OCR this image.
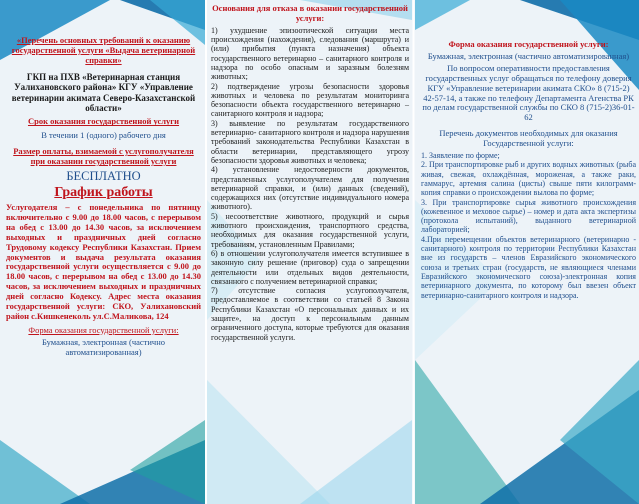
«Перечень основных требований к оказанию государственной услуги «Выдача ветеринарной справки»

ГКП на ПХВ «Ветеринарная станция Уалихановского района» КГУ «Управление ветеринарии акимата Северо-Казахстанской области»

Срок оказания государственной услуги

В течении 1 (одного) рабочего дня

Размер оплаты, взимаемой с услугополучателя при оказании государственной услуги

БЕСПЛАТНО

График работы

Услугодателя – с понедельника по пятницу включительно с 9.00 до 18.00 часов, с перерывом на обед с 13.00 до 14.30 часов, за исключением выходных и праздничных дней согласно Трудовому кодексу Республики Казахстан. Прием документов и выдача результата оказания государственной услуги осуществляется с 9.00 до 18.00 часов, с перерывом на обед с 13.00 до 14.30 часов, за исключением выходных и праздничных дней согласно Кодексу. Адрес места оказания государственной услуги: СКО, Уалихановский район с.Кишкенеколь ул.С.Маликова, 124

Форма оказания государственной услуги:

Бумажная, электронная (частично автоматизированная)

Основания для отказа в оказании государственной услуги:

1) ухудшение эпизоотической ситуации места происхождения (нахождения), следования (маршрута) и (или) прибытия (пункта назначения) объекта государственного ветеринарно – санитарного контроля и надзора по особо опасным и заразным болезням животных;

2) подтверждение угрозы безопасности здоровья животных и человека по результатам мониторинга безопасности объекта государственного ветеринарно –санитарного контроля и надзора;

3) выявление по результатам государственного ветеринарно- санитарного контроля и надзора нарушения требований законодательства Республики Казахстан в области ветеринарии, представляющего угрозу безопасности здоровья животных и человека;

4) установление недостоверности документов, представленных услугополучателем для получения ветеринарной справки, и (или) данных (сведений), содержащихся них (отсутствие индивидуального номера животного).

5) несоответствие животного, продукций и сырья животного происхождения, транспортного средства, необходимых для оказания государственной услуги, требованиям, установленным Правилами;

6) в отношении услугополучателя имеется вступившее в законную силу решение (приговор) суда о запрещении деятельности или отдельных видов деятельности, связанного с получением ветеринарной справки;

7) отсутствие согласия услугополучателя, предоставляемое в соответствии со статьей 8 Закона Республики Казахстан «О персональных данных и их защите», на доступ к персональным данным ограниченного доступа, которые требуются для оказания государственной услуги.

Форма оказания государственной услуги:

Бумажная, электронная (частично автоматизированная)

По вопросом оперативности предоставления государственных услуг обращаться по телефону доверия КГУ «Управление ветеринарии акимата СКО» 8 (715-2) 42-57-14, а также по телефону Департамента Агенства РК по делам государственной службы по СКО 8 (715-2)36-01-62

Перечень документов необходимых для оказания Государственной услуги:

1. Заявление по форме;

2. При транспортировке рыб и других водных животных (рыба живая, свежая, охлаждённая, мороженая, а также раки, гаммарус, артемия салина (цисты) свыше пяти килограмм-копия справки о происхождении вылова по форме;

3. При транспортировке сырья животного происхождения (кожевенное и меховое сырье) – номер и дата акта экспертизы (протокола испытаний), выданного ветеринарной лабораторией;

4.При перемещении объектов ветеринарного (ветеринарно - санитарного) контроля по территории Республики Казахстан вне из государств – членов Евразийского экономического союза и третьих стран (государств, не являющиеся членами Евразийского экономического союза)-электронная копия ветеринарного документа, по которому был ввезен объект ветеринарно-санитарного контроля и надзора.
